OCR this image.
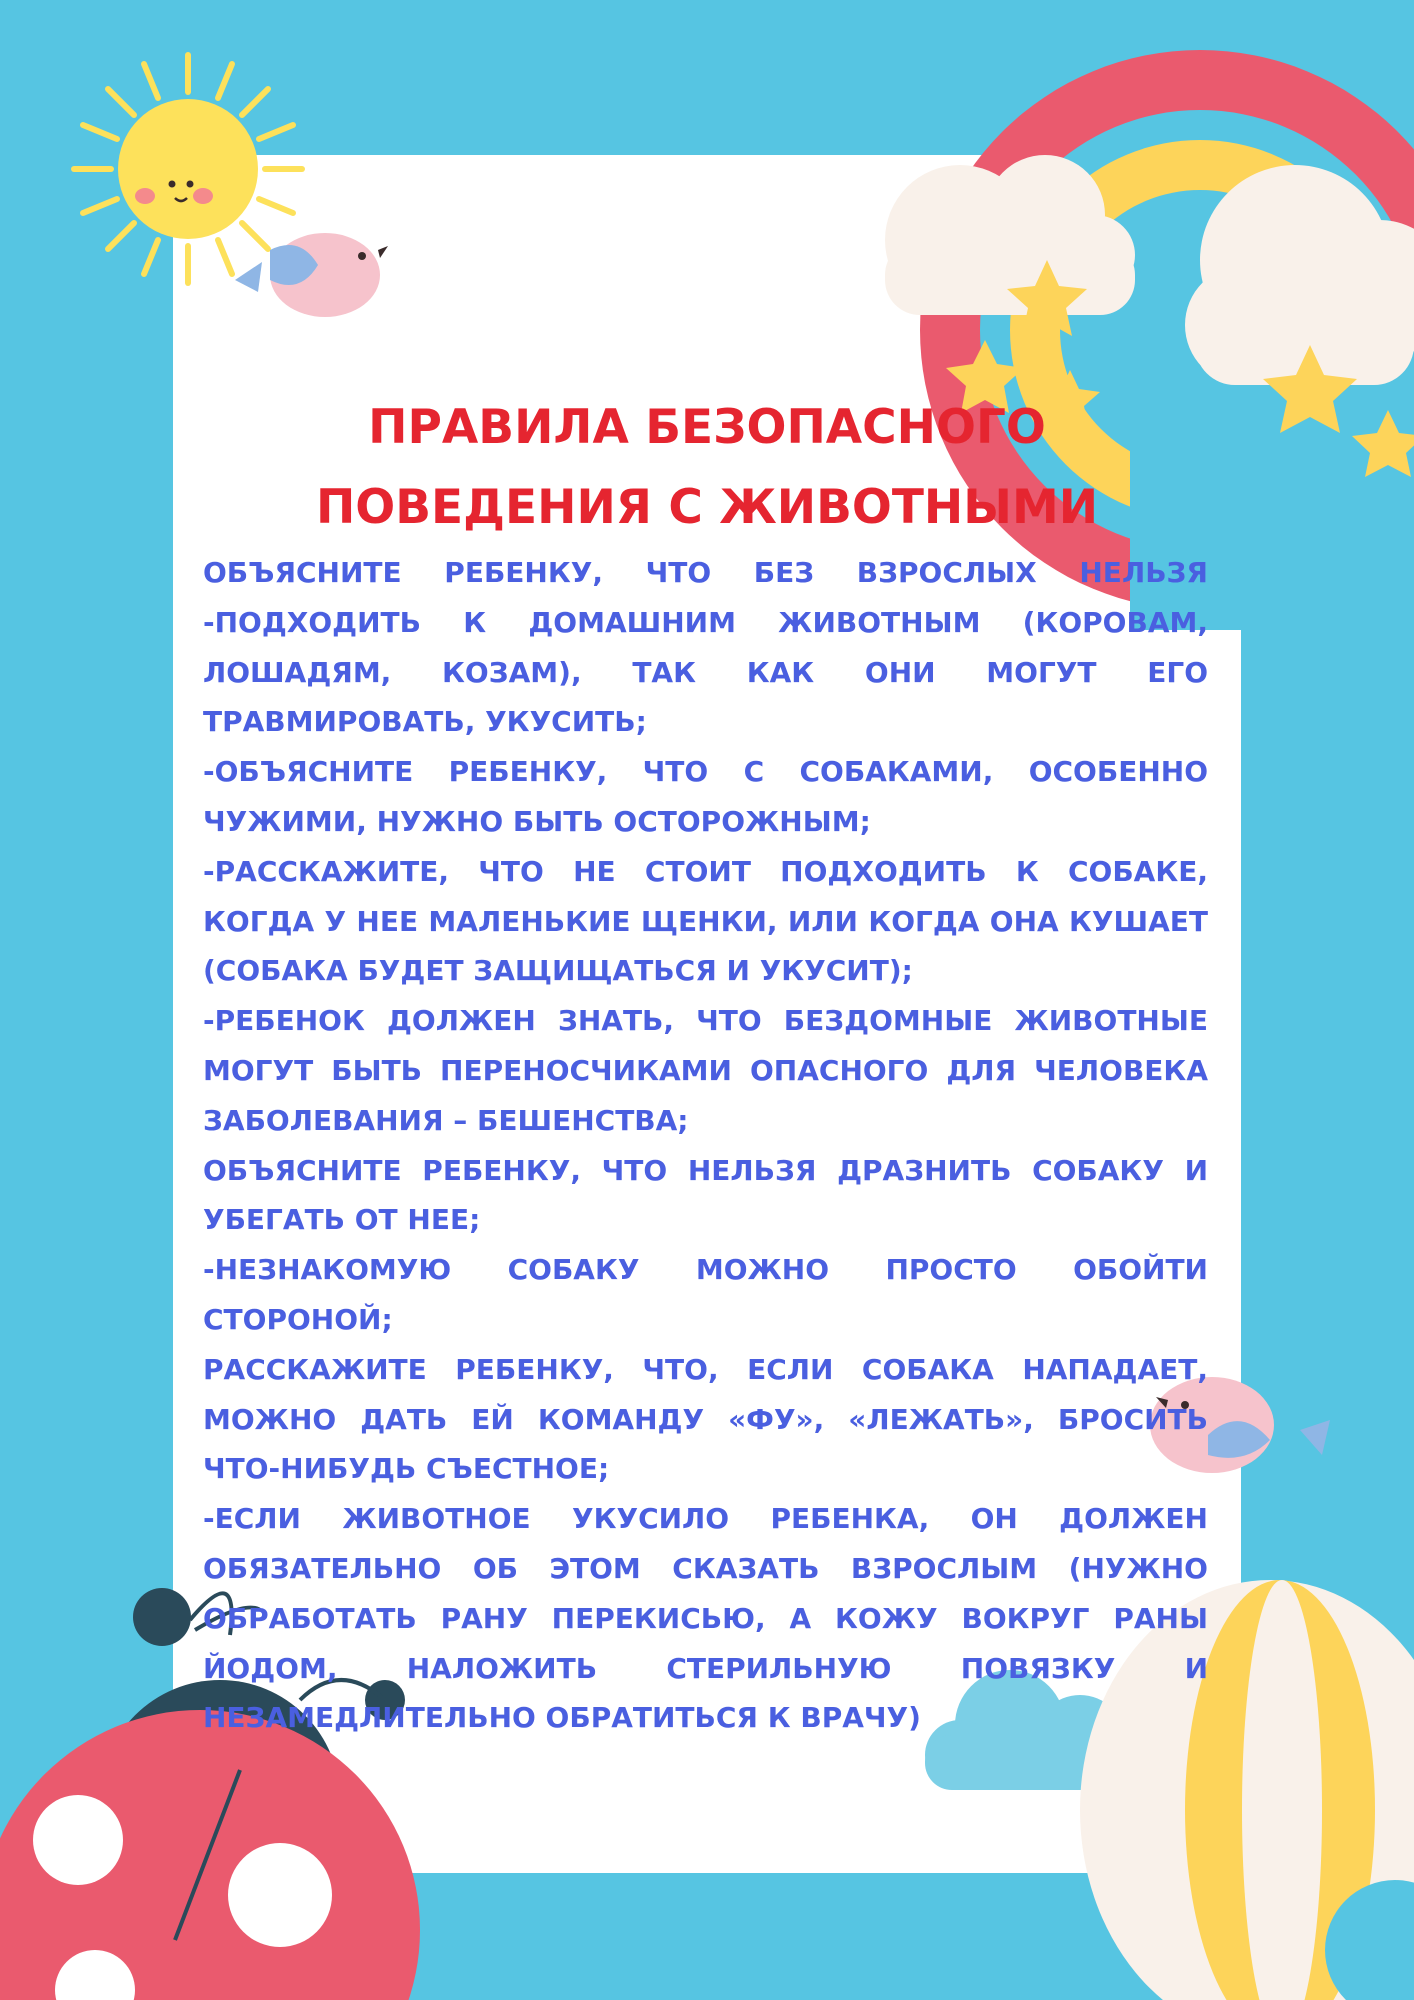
ПРАВИЛА БЕЗОПАСНОГО ПОВЕДЕНИЯ С ЖИВОТНЫМИ
ОБЪЯСНИТЕ РЕБЕНКУ, ЧТО БЕЗ ВЗРОСЛЫХ НЕЛЬЗЯ -ПОДХОДИТЬ К ДОМАШНИМ ЖИВОТНЫМ (КОРОВАМ, ЛОШАДЯМ, КОЗАМ), ТАК КАК ОНИ МОГУТ ЕГО ТРАВМИРОВАТЬ, УКУСИТЬ;
-ОБЪЯСНИТЕ РЕБЕНКУ, ЧТО С СОБАКАМИ, ОСОБЕННО ЧУЖИМИ, НУЖНО БЫТЬ ОСТОРОЖНЫМ;
-РАССКАЖИТЕ, ЧТО НЕ СТОИТ ПОДХОДИТЬ К СОБАКЕ, КОГДА У НЕЕ МАЛЕНЬКИЕ ЩЕНКИ, ИЛИ КОГДА ОНА КУШАЕТ (СОБАКА БУДЕТ ЗАЩИЩАТЬСЯ И УКУСИТ);
-РЕБЕНОК ДОЛЖЕН ЗНАТЬ, ЧТО БЕЗДОМНЫЕ ЖИВОТНЫЕ МОГУТ БЫТЬ ПЕРЕНОСЧИКАМИ ОПАСНОГО ДЛЯ ЧЕЛОВЕКА ЗАБОЛЕВАНИЯ – БЕШЕНСТВА;
ОБЪЯСНИТЕ РЕБЕНКУ, ЧТО НЕЛЬЗЯ ДРАЗНИТЬ СОБАКУ И УБЕГАТЬ ОТ НЕЕ;
-НЕЗНАКОМУЮ СОБАКУ МОЖНО ПРОСТО ОБОЙТИ СТОРОНОЙ;
РАССКАЖИТЕ РЕБЕНКУ, ЧТО, ЕСЛИ СОБАКА НАПАДАЕТ, МОЖНО ДАТЬ ЕЙ КОМАНДУ «ФУ», «ЛЕЖАТЬ», БРОСИТЬ ЧТО-НИБУДЬ СЪЕСТНОЕ;
-ЕСЛИ ЖИВОТНОЕ УКУСИЛО РЕБЕНКА, ОН ДОЛЖЕН ОБЯЗАТЕЛЬНО ОБ ЭТОМ СКАЗАТЬ ВЗРОСЛЫМ (НУЖНО ОБРАБОТАТЬ РАНУ ПЕРЕКИСЬЮ, А КОЖУ ВОКРУГ РАНЫ ЙОДОМ, НАЛОЖИТЬ СТЕРИЛЬНУЮ ПОВЯЗКУ И НЕЗАМЕДЛИТЕЛЬНО ОБРАТИТЬСЯ К ВРАЧУ)
